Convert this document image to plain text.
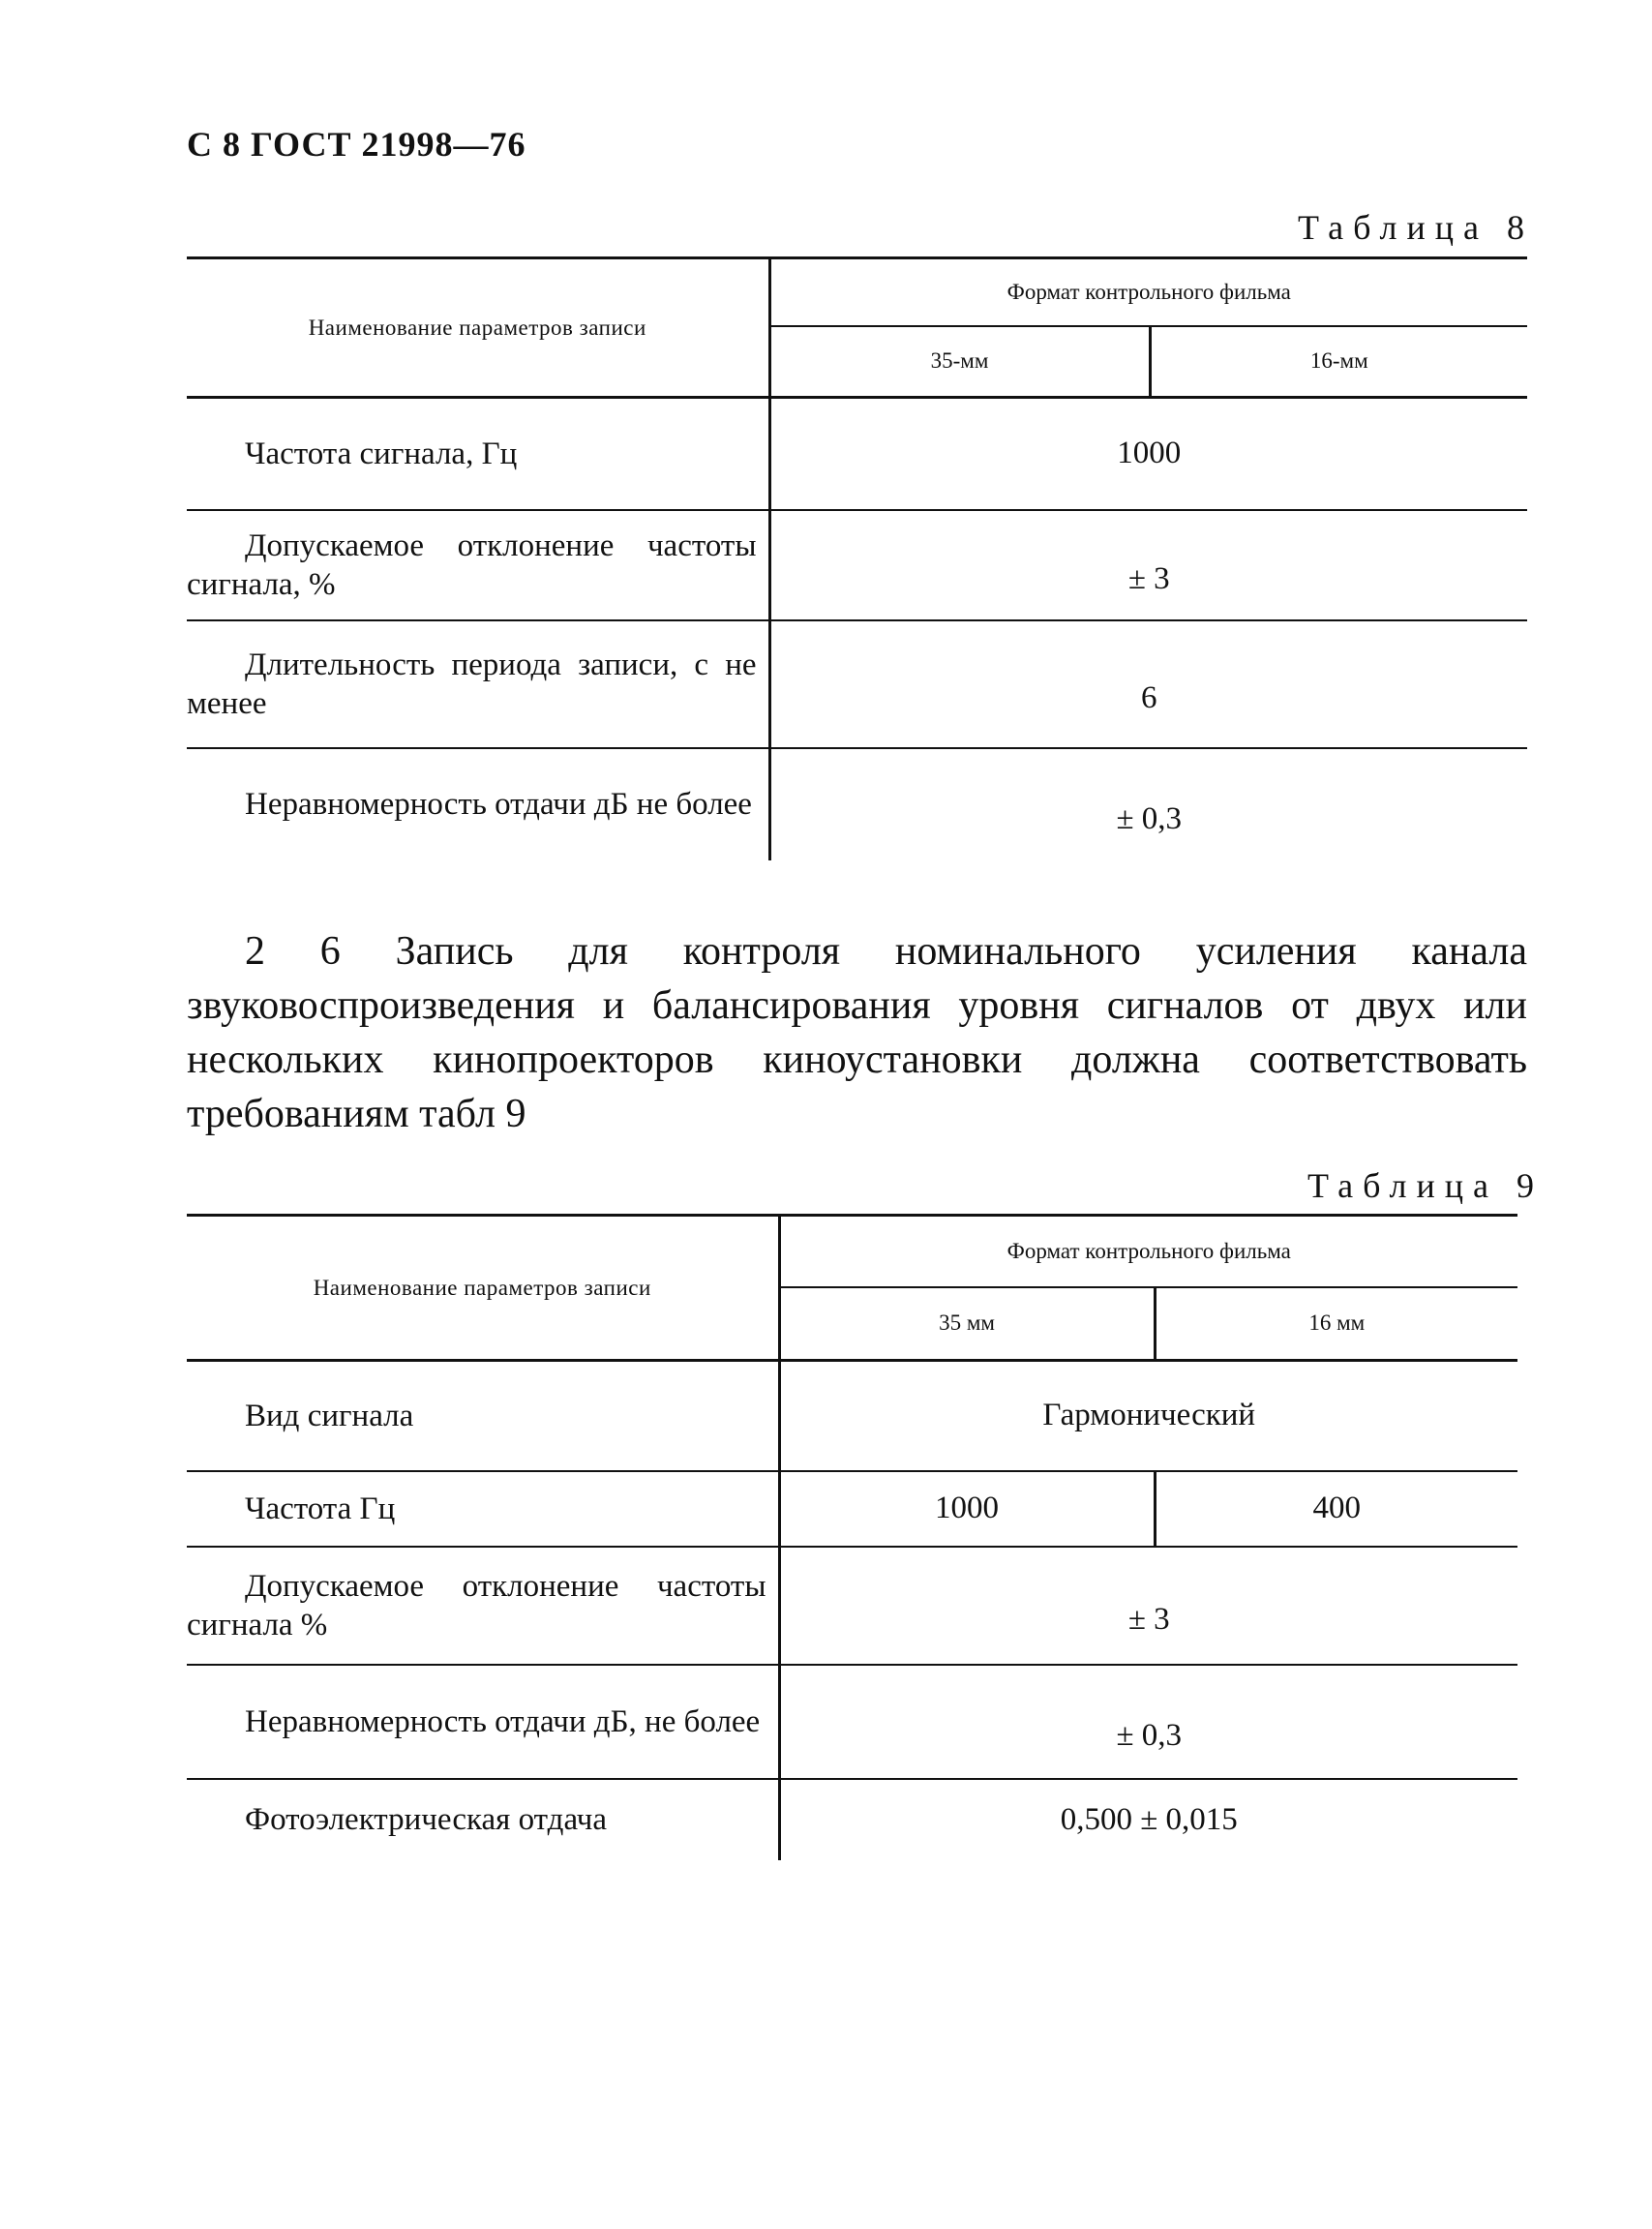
С 8 ГОСТ 21998—76
Таблица 8
Наименование параметров записи	Формат контрольного фильма	
	35-мм	16-мм

Частота сигнала, Гц	1000	

Допускаемое отклонение частоты сигнала, %	± 3	

Длительность периода записи, с не менее	6	

Неравномерность отдачи дБ не более	± 0,3	
2 6 Запись для контроля номинального усиления канала звуковоспроизведения и балансирования уровня сигналов от двух или нескольких кинопроекторов киноустановки должна соответствовать требованиям табл 9
Таблица 9
Наименование параметров записи	Формат контрольного фильма	
	35 мм	16 мм

Вид сигнала	Гармонический	

Частота Гц	1000	400

Допускаемое отклонение частоты сигнала %	± 3	

Неравномерность отдачи дБ, не более	± 0,3	

Фотоэлектрическая отдача	0,500 ± 0,015	
